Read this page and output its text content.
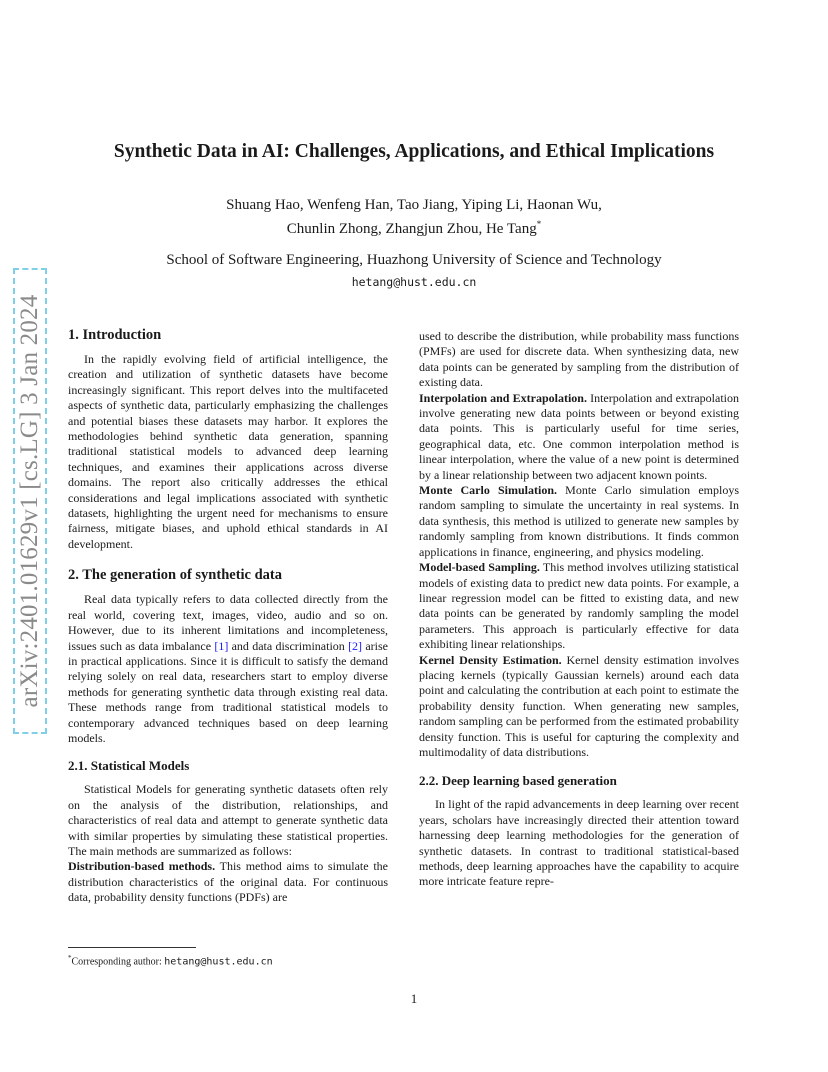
arXiv:2401.01629v1 [cs.LG] 3 Jan 2024
Synthetic Data in AI: Challenges, Applications, and Ethical Implications
Shuang Hao, Wenfeng Han, Tao Jiang, Yiping Li, Haonan Wu,
Chunlin Zhong, Zhangjun Zhou, He Tang*
School of Software Engineering, Huazhong University of Science and Technology
hetang@hust.edu.cn
1. Introduction

In the rapidly evolving field of artificial intelligence, the creation and utilization of synthetic datasets have become increasingly significant. This report delves into the multifaceted aspects of synthetic data, particularly emphasizing the challenges and potential biases these datasets may harbor. It explores the methodologies behind synthetic data generation, spanning traditional statistical models to advanced deep learning techniques, and examines their applications across diverse domains. The report also critically addresses the ethical considerations and legal implications associated with synthetic datasets, highlighting the urgent need for mechanisms to ensure fairness, mitigate biases, and uphold ethical standards in AI development.

2. The generation of synthetic data

Real data typically refers to data collected directly from the real world, covering text, images, video, audio and so on. However, due to its inherent limitations and incompleteness, issues such as data imbalance [1] and data discrimination [2] arise in practical applications. Since it is difficult to satisfy the demand relying solely on real data, researchers start to employ diverse methods for generating synthetic data through existing real data. These methods range from traditional statistical models to contemporary advanced techniques based on deep learning models.

2.1. Statistical Models

Statistical Models for generating synthetic datasets often rely on the analysis of the distribution, relationships, and characteristics of real data and attempt to generate synthetic data with similar properties by simulating these statistical properties. The main methods are summarized as follows:

Distribution-based methods. This method aims to simulate the distribution characteristics of the original data. For continuous data, probability density functions (PDFs) are

used to describe the distribution, while probability mass functions (PMFs) are used for discrete data. When synthesizing data, new data points can be generated by sampling from the distribution of existing data.

Interpolation and Extrapolation. Interpolation and extrapolation involve generating new data points between or beyond existing data points. This is particularly useful for time series, geographical data, etc. One common interpolation method is linear interpolation, where the value of a new point is determined by a linear relationship between two adjacent known points.

Monte Carlo Simulation. Monte Carlo simulation employs random sampling to simulate the uncertainty in real systems. In data synthesis, this method is utilized to generate new samples by randomly sampling from known distributions. It finds common applications in finance, engineering, and physics modeling.

Model-based Sampling. This method involves utilizing statistical models of existing data to predict new data points. For example, a linear regression model can be fitted to existing data, and new data points can be generated by randomly sampling the model parameters. This approach is particularly effective for data exhibiting linear relationships.

Kernel Density Estimation. Kernel density estimation involves placing kernels (typically Gaussian kernels) around each data point and calculating the contribution at each point to estimate the probability density function. When generating new samples, random sampling can be performed from the estimated probability density function. This is useful for capturing the complexity and multimodality of data distributions.

2.2. Deep learning based generation

In light of the rapid advancements in deep learning over recent years, scholars have increasingly directed their attention toward harnessing deep learning methodologies for the generation of synthetic datasets. In contrast to traditional statistical-based methods, deep learning approaches have the capability to acquire more intricate feature repre-

*Corresponding author: hetang@hust.edu.cn
1
